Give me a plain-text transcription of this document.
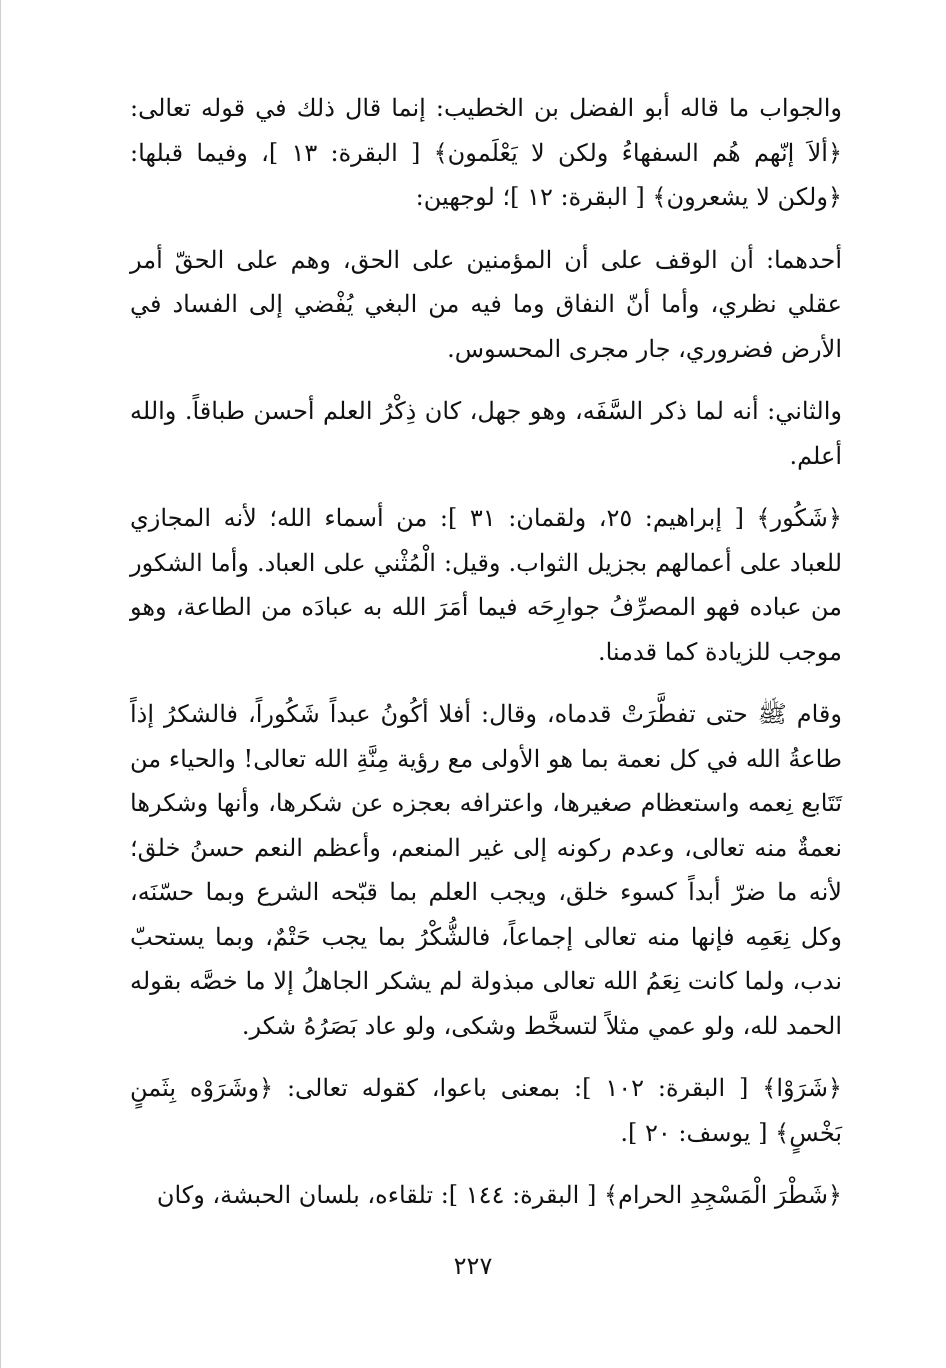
والجواب ما قاله أبو الفضل بن الخطيب: إنما قال ذلك في قوله تعالى: ﴿ألاَ إنّهم هُم السفهاءُ ولكن لا يَعْلَمون﴾ [ البقرة: ١٣ ]، وفيما قبلها: ﴿ولكن لا يشعرون﴾ [ البقرة: ١٢ ]؛ لوجهين:

أحدهما: أن الوقف على أن المؤمنين على الحق، وهم على الحقّ أمر عقلي نظري، وأما أنّ النفاق وما فيه من البغي يُفْضي إلى الفساد في الأرض فضروري، جار مجرى المحسوس.

والثاني: أنه لما ذكر السَّفَه، وهو جهل، كان ذِكْرُ العلم أحسن طباقاً. والله أعلم.

﴿شَكُور﴾ [ إبراهيم: ٢٥، ولقمان: ٣١ ]: من أسماء الله؛ لأنه المجازي للعباد على أعمالهم بجزيل الثواب. وقيل: الْمُثْني على العباد. وأما الشكور من عباده فهو المصرِّفُ جوارِحَه فيما أمَرَ الله به عبادَه من الطاعة، وهو موجب للزيادة كما قدمنا.

وقام ﷺ حتى تفطَّرَتْ قدماه، وقال: أفلا أكُونُ عبداً شَكُوراً، فالشكرُ إذاً طاعةُ الله في كل نعمة بما هو الأولى مع رؤية مِنَّةِ الله تعالى! والحياء من تَتَابع نِعمه واستعظام صغيرها، واعترافه بعجزه عن شكرها، وأنها وشكرها نعمةٌ منه تعالى، وعدم ركونه إلى غير المنعم، وأعظم النعم حسنُ خلق؛ لأنه ما ضرّ أبداً كسوء خلق، ويجب العلم بما قبّحه الشرع وبما حسّنَه، وكل نِعَمِه فإنها منه تعالى إجماعاً، فالشُّكْرُ بما يجب حَتْمٌ، وبما يستحبّ ندب، ولما كانت نِعَمُ الله تعالى مبذولة لم يشكر الجاهلُ إلا ما خصَّه بقوله الحمد لله، ولو عمي مثلاً لتسخَّط وشكى، ولو عاد بَصَرُهُ شكر.

﴿شَرَوْا﴾ [ البقرة: ١٠٢ ]: بمعنى باعوا، كقوله تعالى: ﴿وشَرَوْه بِثَمنٍ بَخْسٍ﴾ [ يوسف: ٢٠ ].

﴿شَطْرَ الْمَسْجِدِ الحرام﴾ [ البقرة: ١٤٤ ]: تلقاءه، بلسان الحبشة، وكان

٢٢٧
